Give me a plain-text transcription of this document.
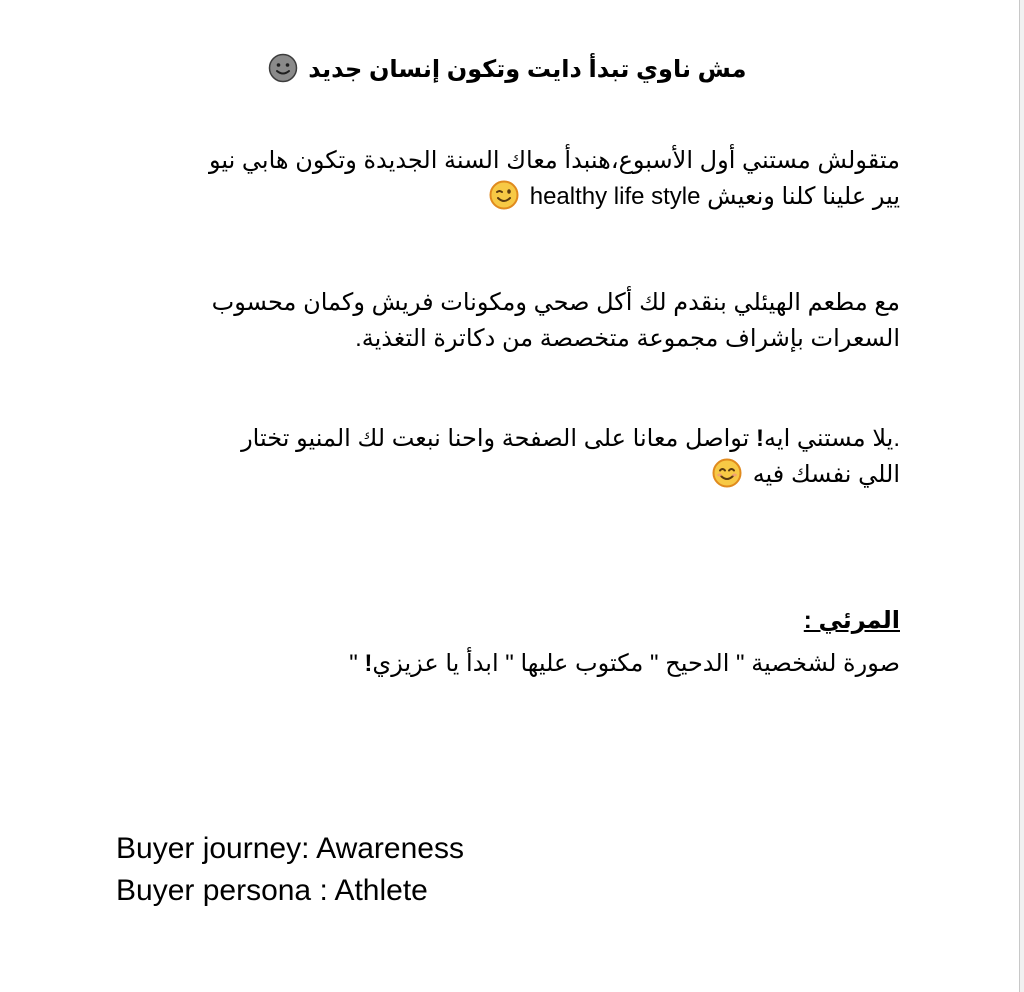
مش ناوي تبدأ دايت وتكون إنسان جديد
متقولش مستني أول الأسبوع،هنبدأ معاك السنة الجديدة وتكون هابي نيو
يير علينا كلنا ونعيش healthy life style
مع مطعم الهيئلي بنقدم لك أكل صحي ومكونات فريش وكمان محسوب
السعرات بإشراف مجموعة متخصصة من دكاترة التغذية.
.يلا مستني ايه! تواصل معانا على الصفحة واحنا نبعت لك المنيو تختار
اللي نفسك فيه
المرئي :
صورة لشخصية " الدحيح " مكتوب عليها " ابدأ يا عزيزي! "
Buyer journey: Awareness
Buyer persona : Athlete
